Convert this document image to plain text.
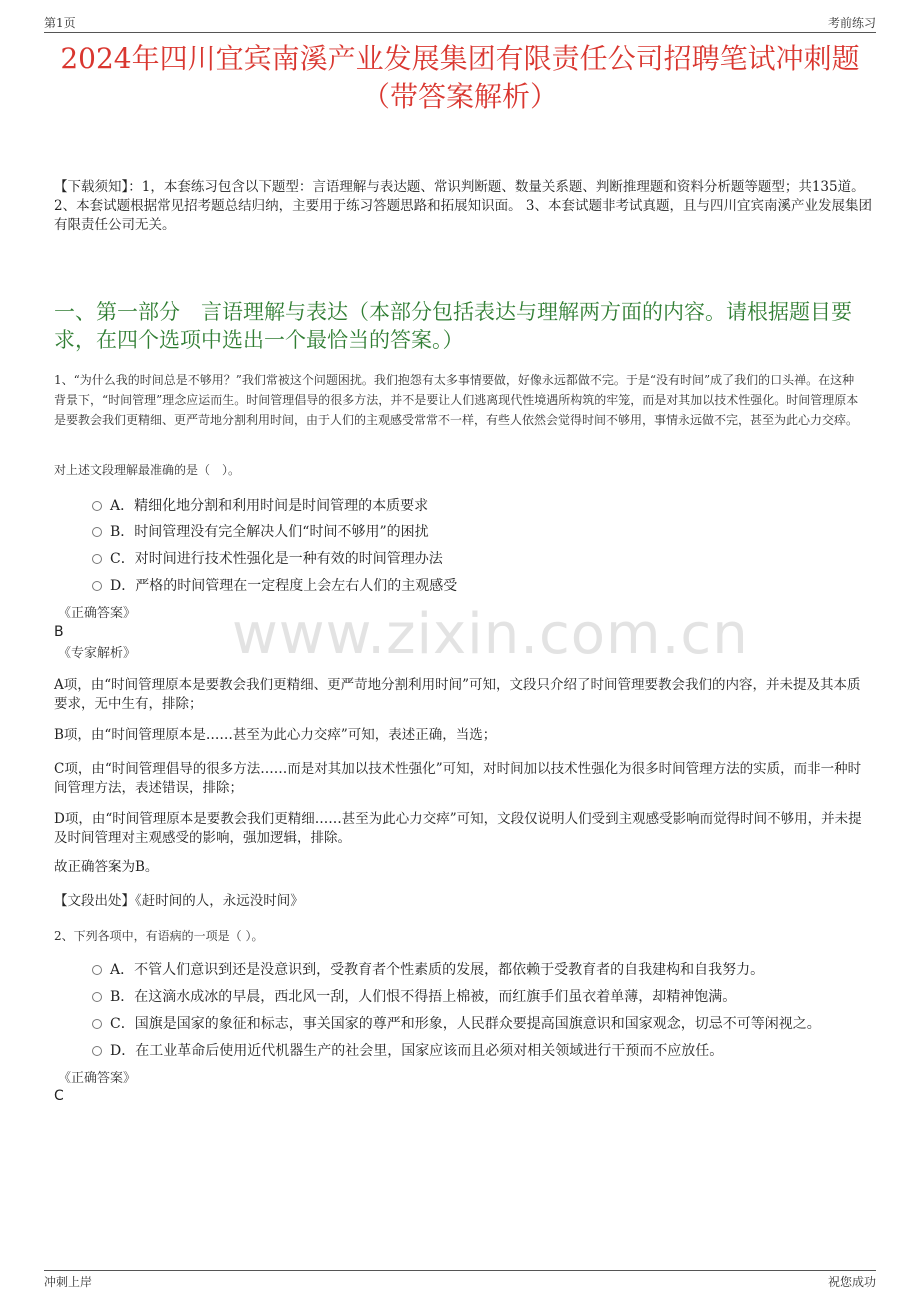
第1页	考前练习
2024年四川宜宾南溪产业发展集团有限责任公司招聘笔试冲刺题（带答案解析）

【下载须知】：1，本套练习包含以下题型：言语理解与表达题、常识判断题、数量关系题、判断推理题和资料分析题等题型；共135道。 2、本套试题根据常见招考题总结归纳，主要用于练习答题思路和拓展知识面。 3、本套试题非考试真题，且与四川宜宾南溪产业发展集团有限责任公司无关。

一、第一部分　言语理解与表达（本部分包括表达与理解两方面的内容。请根据题目要求，在四个选项中选出一个最恰当的答案。）

1、“为什么我的时间总是不够用？”我们常被这个问题困扰。我们抱怨有太多事情要做，好像永远都做不完。于是“没有时间”成了我们的口头禅。在这种背景下，“时间管理”理念应运而生。时间管理倡导的很多方法，并不是要让人们逃离现代性境遇所构筑的牢笼，而是对其加以技术性强化。时间管理原本是要教会我们更精细、更严苛地分割利用时间，由于人们的主观感受常常不一样，有些人依然会觉得时间不够用，事情永远做不完，甚至为此心力交瘁。

对上述文段理解最准确的是（　）。

A．精细化地分割和利用时间是时间管理的本质要求
B．时间管理没有完全解决人们“时间不够用”的困扰
C．对时间进行技术性强化是一种有效的时间管理办法
D．严格的时间管理在一定程度上会左右人们的主观感受
《正确答案》
B
《专家解析》 www.zixin.com.cn

A项，由“时间管理原本是要教会我们更精细、更严苛地分割利用时间”可知，文段只介绍了时间管理要教会我们的内容，并未提及其本质要求，无中生有，排除；

B项，由“时间管理原本是……甚至为此心力交瘁”可知，表述正确，当选；

C项，由“时间管理倡导的很多方法……而是对其加以技术性强化”可知，对时间加以技术性强化为很多时间管理方法的实质，而非一种时间管理方法，表述错误，排除；

D项，由“时间管理原本是要教会我们更精细……甚至为此心力交瘁”可知，文段仅说明人们受到主观感受影响而觉得时间不够用，并未提及时间管理对主观感受的影响，强加逻辑，排除。

故正确答案为B。

【文段出处】《赶时间的人，永远没时间》

2、下列各项中，有语病的一项是（ ）。

A．不管人们意识到还是没意识到，受教育者个性素质的发展，都依赖于受教育者的自我建构和自我努力。
B．在这滴水成冰的早晨，西北风一刮，人们恨不得捂上棉被，而红旗手们虽衣着单薄，却精神饱满。
C．国旗是国家的象征和标志，事关国家的尊严和形象，人民群众要提高国旗意识和国家观念，切忌不可等闲视之。
D．在工业革命后使用近代机器生产的社会里，国家应该而且必须对相关领域进行干预而不应放任。
《正确答案》
C
冲刺上岸	祝您成功
